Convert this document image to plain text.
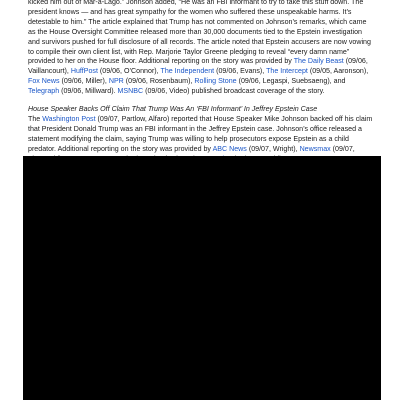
kicked him out of Mar-a-Lago.” Johnson added, “He was an FBI informant to try to take this stuff down. The president knows — and has great sympathy for the women who suffered these unspeakable harms. It’s detestable to him.” The article explained that Trump has not commented on Johnson’s remarks, which came as the House Oversight Committee released more than 30,000 documents tied to the Epstein investigation and survivors pushed for full disclosure of all records. The article noted that Epstein accusers are now vowing to compile their own client list, with Rep. Marjorie Taylor Greene pledging to reveal “every damn name” provided to her on the House floor. Additional reporting on the story was provided by The Daily Beast (09/06, Vaillancourt), HuffPost (09/06, O’Connor), The Independent (09/06, Evans), The Intercept (09/05, Aaronson), Fox News (09/06, Miller), NPR (09/06, Rosenbaum), Rolling Stone (09/06, Legaspi, Suebsaeng), and Telegraph (09/06, Millward). MSNBC (09/06, Video) published broadcast coverage of the story.

House Speaker Backs Off Claim That Trump Was An ‘FBI Informant’ In Jeffrey Epstein Case

The Washington Post (09/07, Partlow, Alfaro) reported that House Speaker Mike Johnson backed off his claim that President Donald Trump was an FBI informant in the Jeffrey Epstein case. Johnson’s office released a statement modifying the claim, saying Trump was willing to help prosecutors expose Epstein as a child predator. Additional reporting on the story was provided by ABC News (09/07, Wright), Newsmax (09/07,
